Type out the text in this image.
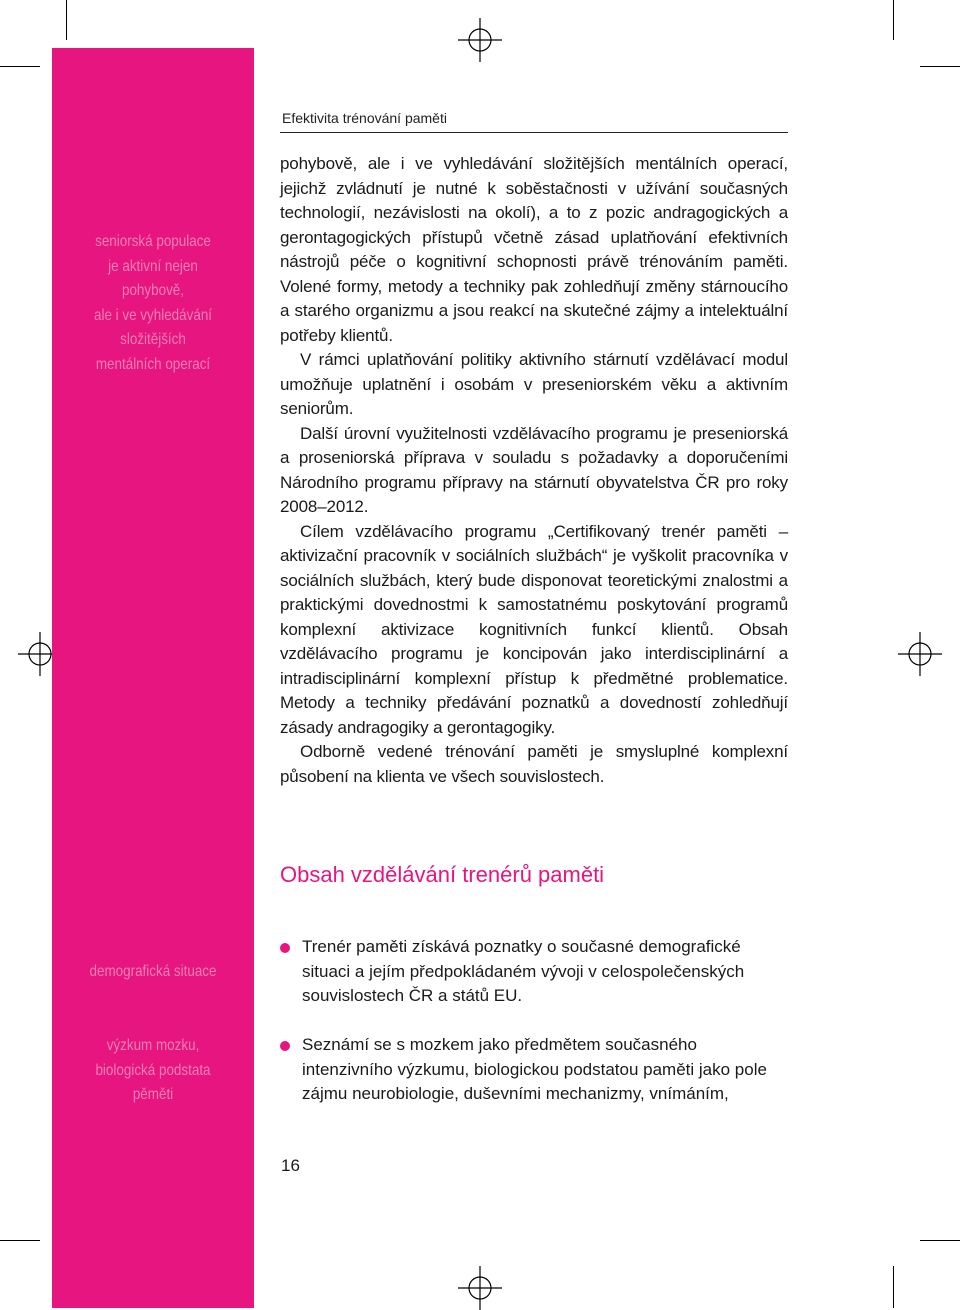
seniorská populace
je aktivní nejen
pohybově,
ale i ve vyhledávání
složitějších
mentálních operací
demografická situace
výzkum mozku,
biologická podstata
pěměti
Efektivita trénování paměti

pohybově, ale i ve vyhledávání složitějších mentálních operací, jejichž zvládnutí je nutné k soběstačnosti v užívání současných technologií, nezávislosti na okolí), a to z pozic andragogických a gerontagogických přístupů včetně zásad uplatňování efektivních nástrojů péče o kognitivní schopnosti právě trénováním paměti. Volené formy, metody a techniky pak zohledňují změny stárnoucího a starého organizmu a jsou reakcí na skutečné zájmy a intelektuální potřeby klientů.

V rámci uplatňování politiky aktivního stárnutí vzdělávací modul umožňuje uplatnění i osobám v preseniorském věku a aktivním seniorům.

Další úrovní využitelnosti vzdělávacího programu je preseniorská a proseniorská příprava v souladu s požadavky a doporučeními Národního programu přípravy na stárnutí obyvatelstva ČR pro roky 2008–2012.

Cílem vzdělávacího programu „Certifikovaný trenér paměti – aktivizační pracovník v sociálních službách“ je vyškolit pracovníka v sociálních službách, který bude disponovat teoretickými znalostmi a praktickými dovednostmi k samostatnému poskytování programů komplexní aktivizace kognitivních funkcí klientů. Obsah vzdělávacího programu je koncipován jako interdisciplinární a intradisciplinární komplexní přístup k předmětné problematice. Metody a techniky předávání poznatků a dovedností zohledňují zásady andragogiky a gerontagogiky.

Odborně vedené trénování paměti je smysluplné komplexní působení na klienta ve všech souvislostech.

Obsah vzdělávání trenérů paměti
Trenér paměti získává poznatky o současné demografické situaci a jejím předpokládaném vývoji v celospolečenských souvislostech ČR a států EU.
Seznámí se s mozkem jako předmětem současného intenzivního výzkumu, biologickou podstatou paměti jako pole zájmu neurobiologie, duševními mechanizmy, vnímáním,
16
